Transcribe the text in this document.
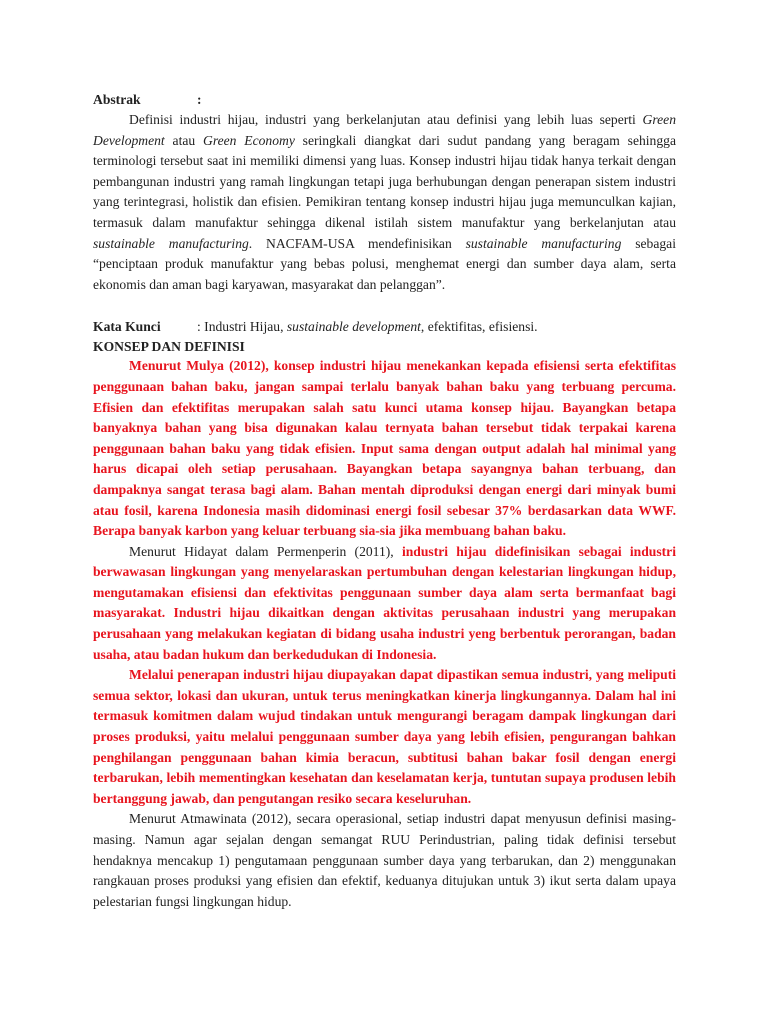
Abstrak	:

Definisi industri hijau, industri yang berkelanjutan atau definisi yang lebih luas seperti Green Development atau Green Economy seringkali diangkat dari sudut pandang yang beragam sehingga terminologi tersebut saat ini memiliki dimensi yang luas. Konsep industri hijau tidak hanya terkait dengan pembangunan industri yang ramah lingkungan tetapi juga berhubungan dengan penerapan sistem industri yang terintegrasi, holistik dan efisien. Pemikiran tentang konsep industri hijau juga memunculkan kajian, termasuk dalam manufaktur sehingga dikenal istilah sistem manufaktur yang berkelanjutan atau sustainable manufacturing. NACFAM-USA mendefinisikan sustainable manufacturing sebagai “penciptaan produk manufaktur yang bebas polusi, menghemat energi dan sumber daya alam, serta ekonomis dan aman bagi karyawan, masyarakat dan pelanggan”.

Kata Kunci	: Industri Hijau, sustainable development, efektifitas, efisiensi.
KONSEP DAN DEFINISI

Menurut Mulya (2012), konsep industri hijau menekankan kepada efisiensi serta efektifitas penggunaan bahan baku, jangan sampai terlalu banyak bahan baku yang terbuang percuma. Efisien dan efektifitas merupakan salah satu kunci utama konsep hijau. Bayangkan betapa banyaknya bahan yang bisa digunakan kalau ternyata bahan tersebut tidak terpakai karena penggunaan bahan baku yang tidak efisien. Input sama dengan output adalah hal minimal yang harus dicapai oleh setiap perusahaan. Bayangkan betapa sayangnya bahan terbuang, dan dampaknya sangat terasa bagi alam. Bahan mentah diproduksi dengan energi dari minyak bumi atau fosil, karena Indonesia masih didominasi energi fosil sebesar 37% berdasarkan data WWF. Berapa banyak karbon yang keluar terbuang sia-sia jika membuang bahan baku.

Menurut Hidayat dalam Permenperin (2011), industri hijau didefinisikan sebagai industri berwawasan lingkungan yang menyelaraskan pertumbuhan dengan kelestarian lingkungan hidup, mengutamakan efisiensi dan efektivitas penggunaan sumber daya alam serta bermanfaat bagi masyarakat. Industri hijau dikaitkan dengan aktivitas perusahaan industri yang merupakan perusahaan yang melakukan kegiatan di bidang usaha industri yeng berbentuk perorangan, badan usaha, atau badan hukum dan berkedudukan di Indonesia.

Melalui penerapan industri hijau diupayakan dapat dipastikan semua industri, yang meliputi semua sektor, lokasi dan ukuran, untuk terus meningkatkan kinerja lingkungannya. Dalam hal ini termasuk komitmen dalam wujud tindakan untuk mengurangi beragam dampak lingkungan dari proses produksi, yaitu melalui penggunaan sumber daya yang lebih efisien, pengurangan bahkan penghilangan penggunaan bahan kimia beracun, subtitusi bahan bakar fosil dengan energi terbarukan, lebih mementingkan kesehatan dan keselamatan kerja, tuntutan supaya produsen lebih bertanggung jawab, dan pengutangan resiko secara keseluruhan.

Menurut Atmawinata (2012), secara operasional, setiap industri dapat menyusun definisi masing-masing. Namun agar sejalan dengan semangat RUU Perindustrian, paling tidak definisi tersebut hendaknya mencakup 1) pengutamaan penggunaan sumber daya yang terbarukan, dan 2) menggunakan rangkauan proses produksi yang efisien dan efektif, keduanya ditujukan untuk 3) ikut serta dalam upaya pelestarian fungsi lingkungan hidup.
